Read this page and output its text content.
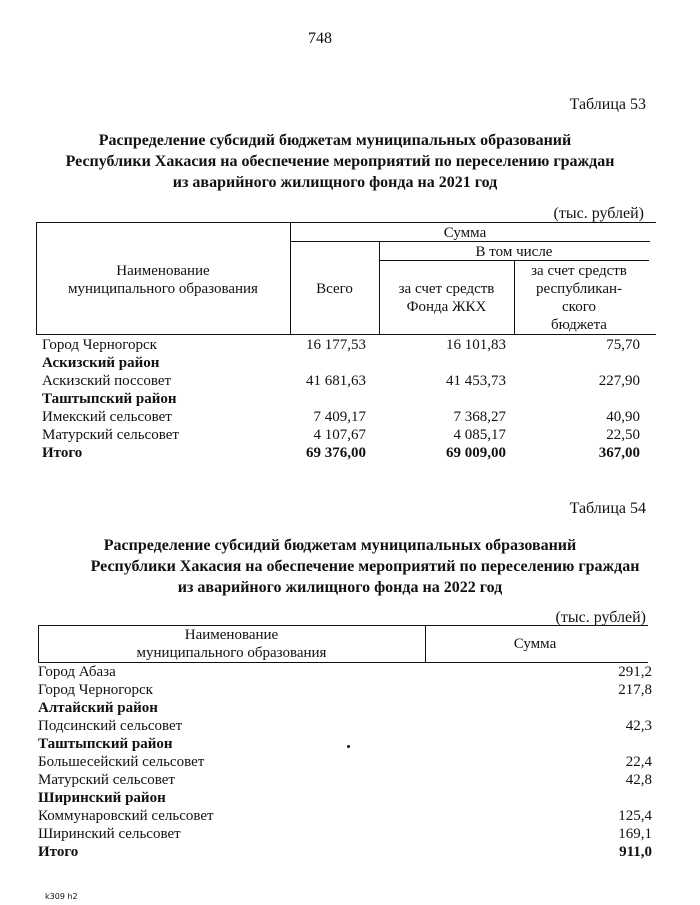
748
Таблица 53
Распределение субсидий бюджетам муниципальных образований
Республики Хакасия на обеспечение мероприятий по переселению граждан
из аварийного жилищного фонда на 2021 год
(тыс. рублей)
Наименование
муниципального образования
Сумма
Всего
В том числе
за счет средств
Фонда ЖКХ
за счет средств
республикан-
ского
бюджета
Город Черногорск	16 177,53	16 101,83	75,70
Аскизский район
Аскизский поссовет	41 681,63	41 453,73	227,90
Таштыпский район
Имекский сельсовет	7 409,17	7 368,27	40,90
Матурский сельсовет	4 107,67	4 085,17	22,50
Итого	69 376,00	69 009,00	367,00
Таблица 54
Распределение субсидий бюджетам муниципальных образований
Республики Хакасия на обеспечение мероприятий по переселению граждан
из аварийного жилищного фонда на 2022 год
(тыс. рублей)
Наименование
муниципального образования
Сумма
Город Абаза	291,2
Город Черногорск	217,8
Алтайский район
Подсинский сельсовет	42,3
Таштыпский район
Большесейский сельсовет	22,4
Матурский сельсовет	42,8
Ширинский район
Коммунаровский сельсовет	125,4
Ширинский сельсовет	169,1
Итого	911,0
k309 h2
